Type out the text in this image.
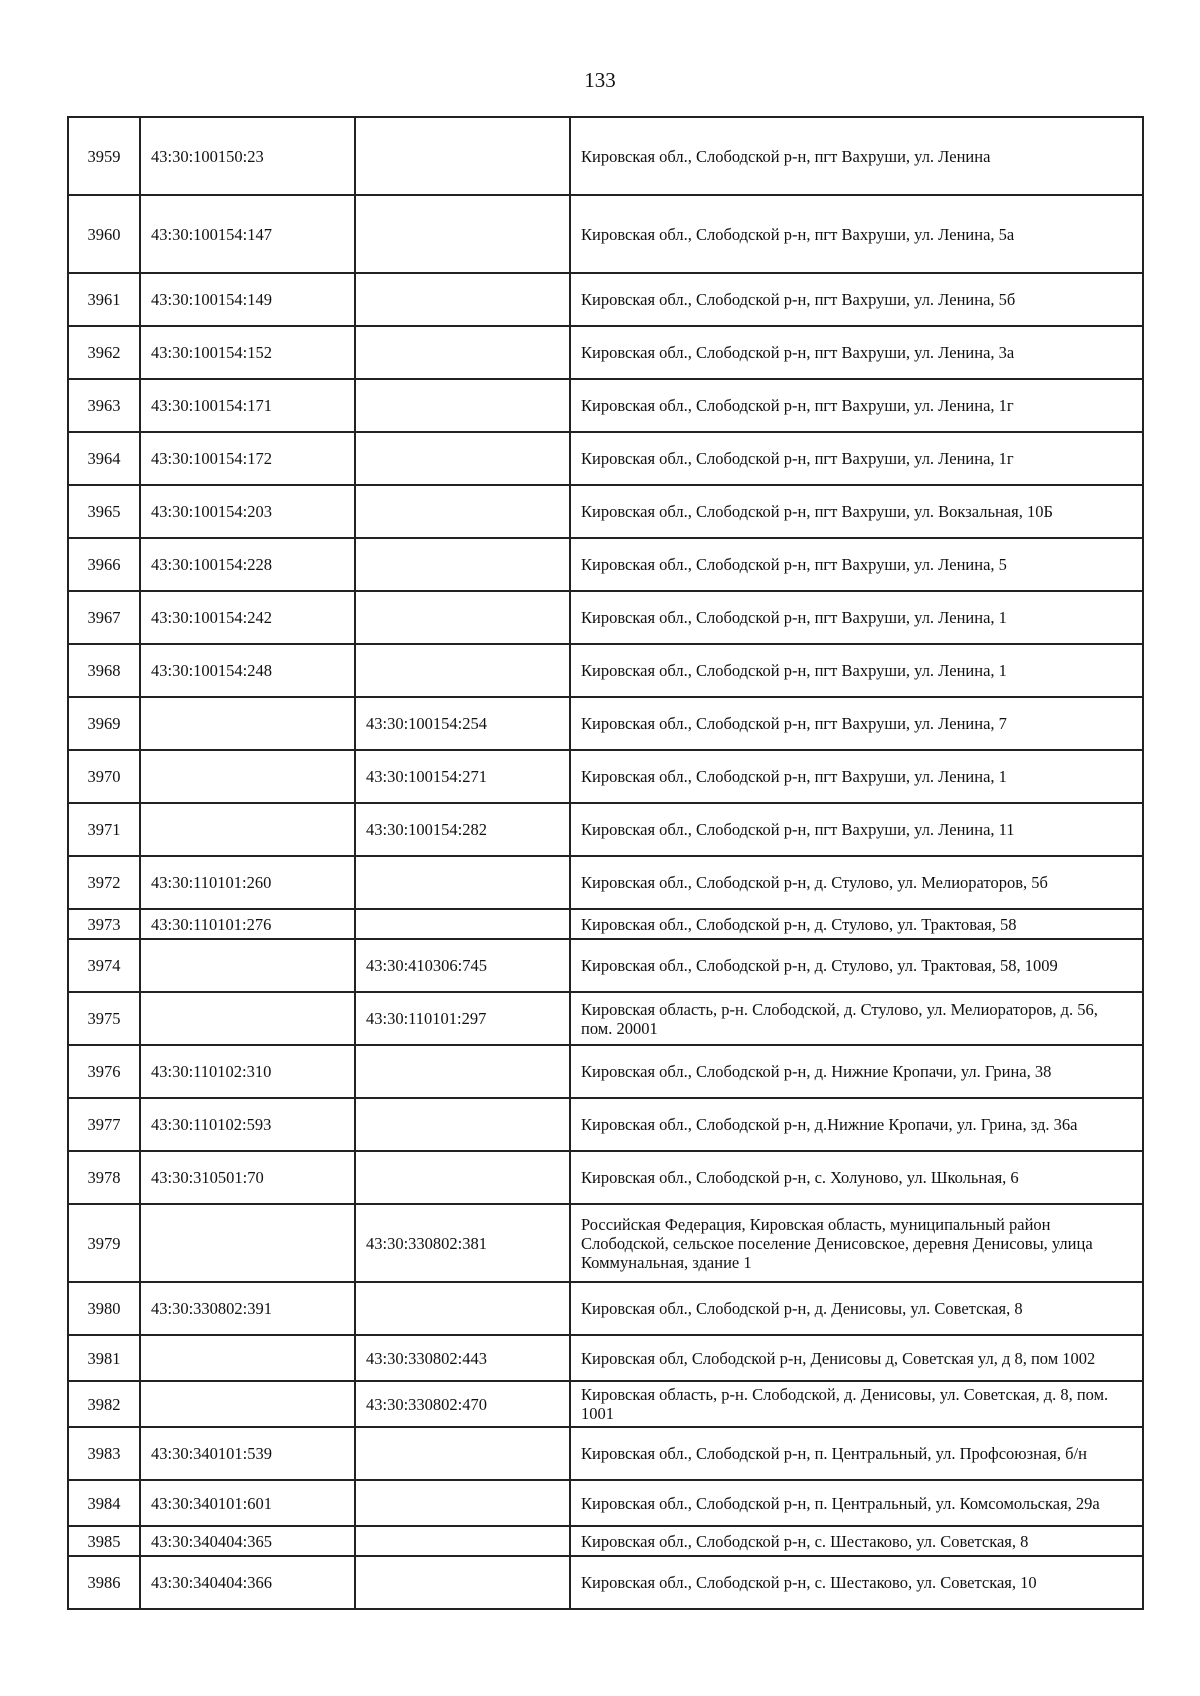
133
3959	43:30:100150:23		Кировская обл., Слободской р-н, пгт Вахруши, ул. Ленина
3960	43:30:100154:147		Кировская обл., Слободской р-н, пгт Вахруши, ул. Ленина, 5а
3961	43:30:100154:149		Кировская обл., Слободской р-н, пгт Вахруши, ул. Ленина, 5б
3962	43:30:100154:152		Кировская обл., Слободской р-н, пгт Вахруши, ул. Ленина, 3а
3963	43:30:100154:171		Кировская обл., Слободской р-н, пгт Вахруши, ул. Ленина, 1г
3964	43:30:100154:172		Кировская обл., Слободской р-н, пгт Вахруши, ул. Ленина, 1г
3965	43:30:100154:203		Кировская обл., Слободской р-н, пгт Вахруши, ул. Вокзальная, 10Б
3966	43:30:100154:228		Кировская обл., Слободской р-н, пгт Вахруши, ул. Ленина, 5
3967	43:30:100154:242		Кировская обл., Слободской р-н, пгт Вахруши, ул. Ленина, 1
3968	43:30:100154:248		Кировская обл., Слободской р-н, пгт Вахруши, ул. Ленина, 1
3969		43:30:100154:254	Кировская обл., Слободской р-н, пгт Вахруши, ул. Ленина, 7
3970		43:30:100154:271	Кировская обл., Слободской р-н, пгт Вахруши, ул. Ленина, 1
3971		43:30:100154:282	Кировская обл., Слободской р-н, пгт Вахруши, ул. Ленина, 11
3972	43:30:110101:260		Кировская обл., Слободской р-н, д. Стулово, ул. Мелиораторов, 5б
3973	43:30:110101:276		Кировская обл., Слободской р-н, д. Стулово, ул. Трактовая, 58
3974		43:30:410306:745	Кировская обл., Слободской р-н, д. Стулово, ул. Трактовая, 58, 1009
3975		43:30:110101:297	Кировская область, р-н. Слободской, д. Стулово, ул. Мелиораторов, д. 56, пом. 20001
3976	43:30:110102:310		Кировская обл., Слободской р-н, д. Нижние Кропачи, ул. Грина, 38
3977	43:30:110102:593		Кировская обл., Слободской р-н, д.Нижние Кропачи, ул. Грина, зд. 36а
3978	43:30:310501:70		Кировская обл., Слободской р-н, с. Холуново, ул. Школьная, 6
3979		43:30:330802:381	Российская Федерация, Кировская область, муниципальный район Слободской, сельское поселение Денисовское, деревня Денисовы, улица Коммунальная, здание 1
3980	43:30:330802:391		Кировская обл., Слободской р-н, д. Денисовы, ул. Советская, 8
3981		43:30:330802:443	Кировская обл, Слободской р-н, Денисовы д, Советская ул, д 8, пом 1002
3982		43:30:330802:470	Кировская область, р-н. Слободской, д. Денисовы, ул. Советская, д. 8, пом. 1001
3983	43:30:340101:539		Кировская обл., Слободской р-н, п. Центральный, ул. Профсоюзная, б/н
3984	43:30:340101:601		Кировская обл., Слободской р-н, п. Центральный, ул. Комсомольская, 29а
3985	43:30:340404:365		Кировская обл., Слободской р-н, с. Шестаково, ул. Советская, 8
3986	43:30:340404:366		Кировская обл., Слободской р-н, с. Шестаково, ул. Советская, 10
